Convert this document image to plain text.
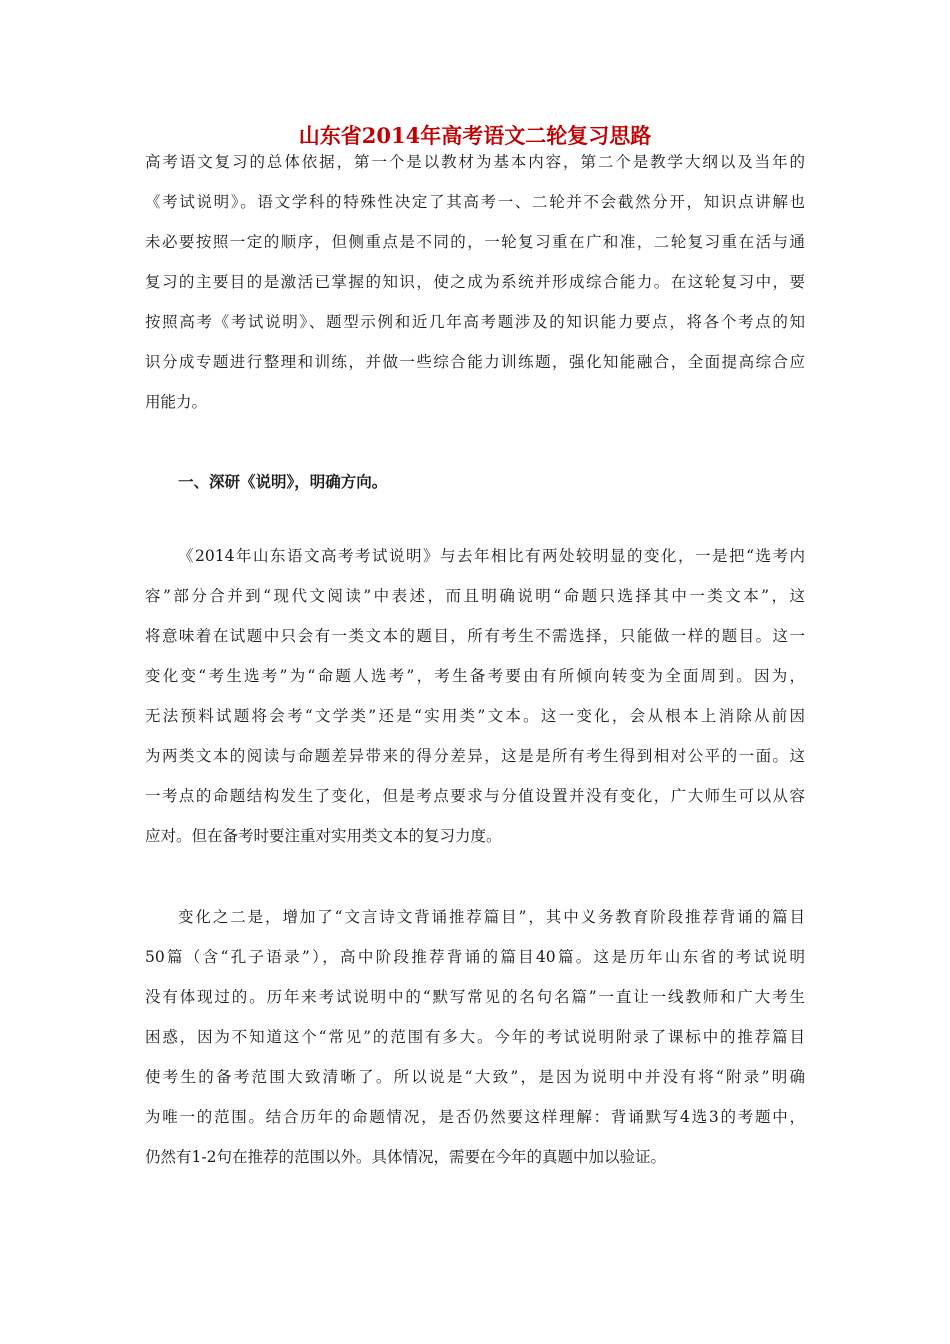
山东省2014年高考语文二轮复习思路
高考语文复习的总体依据，第一个是以教材为基本内容，第二个是教学大纲以及当年的
《考试说明》。语文学科的特殊性决定了其高考一、二轮并不会截然分开，知识点讲解也
未必要按照一定的顺序，但侧重点是不同的，一轮复习重在广和准，二轮复习重在活与通
复习的主要目的是激活已掌握的知识，使之成为系统并形成综合能力。在这轮复习中，要
按照高考《考试说明》、题型示例和近几年高考题涉及的知识能力要点，将各个考点的知
识分成专题进行整理和训练，并做一些综合能力训练题，强化知能融合，全面提高综合应
用能力。
一、深研《说明》，明确方向。
《2014年山东语文高考考试说明》与去年相比有两处较明显的变化，一是把“选考内
容”部分合并到“现代文阅读”中表述，而且明确说明“命题只选择其中一类文本”，这
将意味着在试题中只会有一类文本的题目，所有考生不需选择，只能做一样的题目。这一
变化变“考生选考”为“命题人选考”，考生备考要由有所倾向转变为全面周到。因为，
无法预料试题将会考“文学类”还是“实用类”文本。这一变化，会从根本上消除从前因
为两类文本的阅读与命题差异带来的得分差异，这是是所有考生得到相对公平的一面。这
一考点的命题结构发生了变化，但是考点要求与分值设置并没有变化，广大师生可以从容
应对。但在备考时要注重对实用类文本的复习力度。
变化之二是，增加了“文言诗文背诵推荐篇目”，其中义务教育阶段推荐背诵的篇目
50篇（含“孔子语录”），高中阶段推荐背诵的篇目40篇。这是历年山东省的考试说明
没有体现过的。历年来考试说明中的“默写常见的名句名篇”一直让一线教师和广大考生
困惑，因为不知道这个“常见”的范围有多大。今年的考试说明附录了课标中的推荐篇目
使考生的备考范围大致清晰了。所以说是“大致”，是因为说明中并没有将“附录”明确
为唯一的范围。结合历年的命题情况，是否仍然要这样理解：背诵默写4选3的考题中，
仍然有1-2句在推荐的范围以外。具体情况，需要在今年的真题中加以验证。
